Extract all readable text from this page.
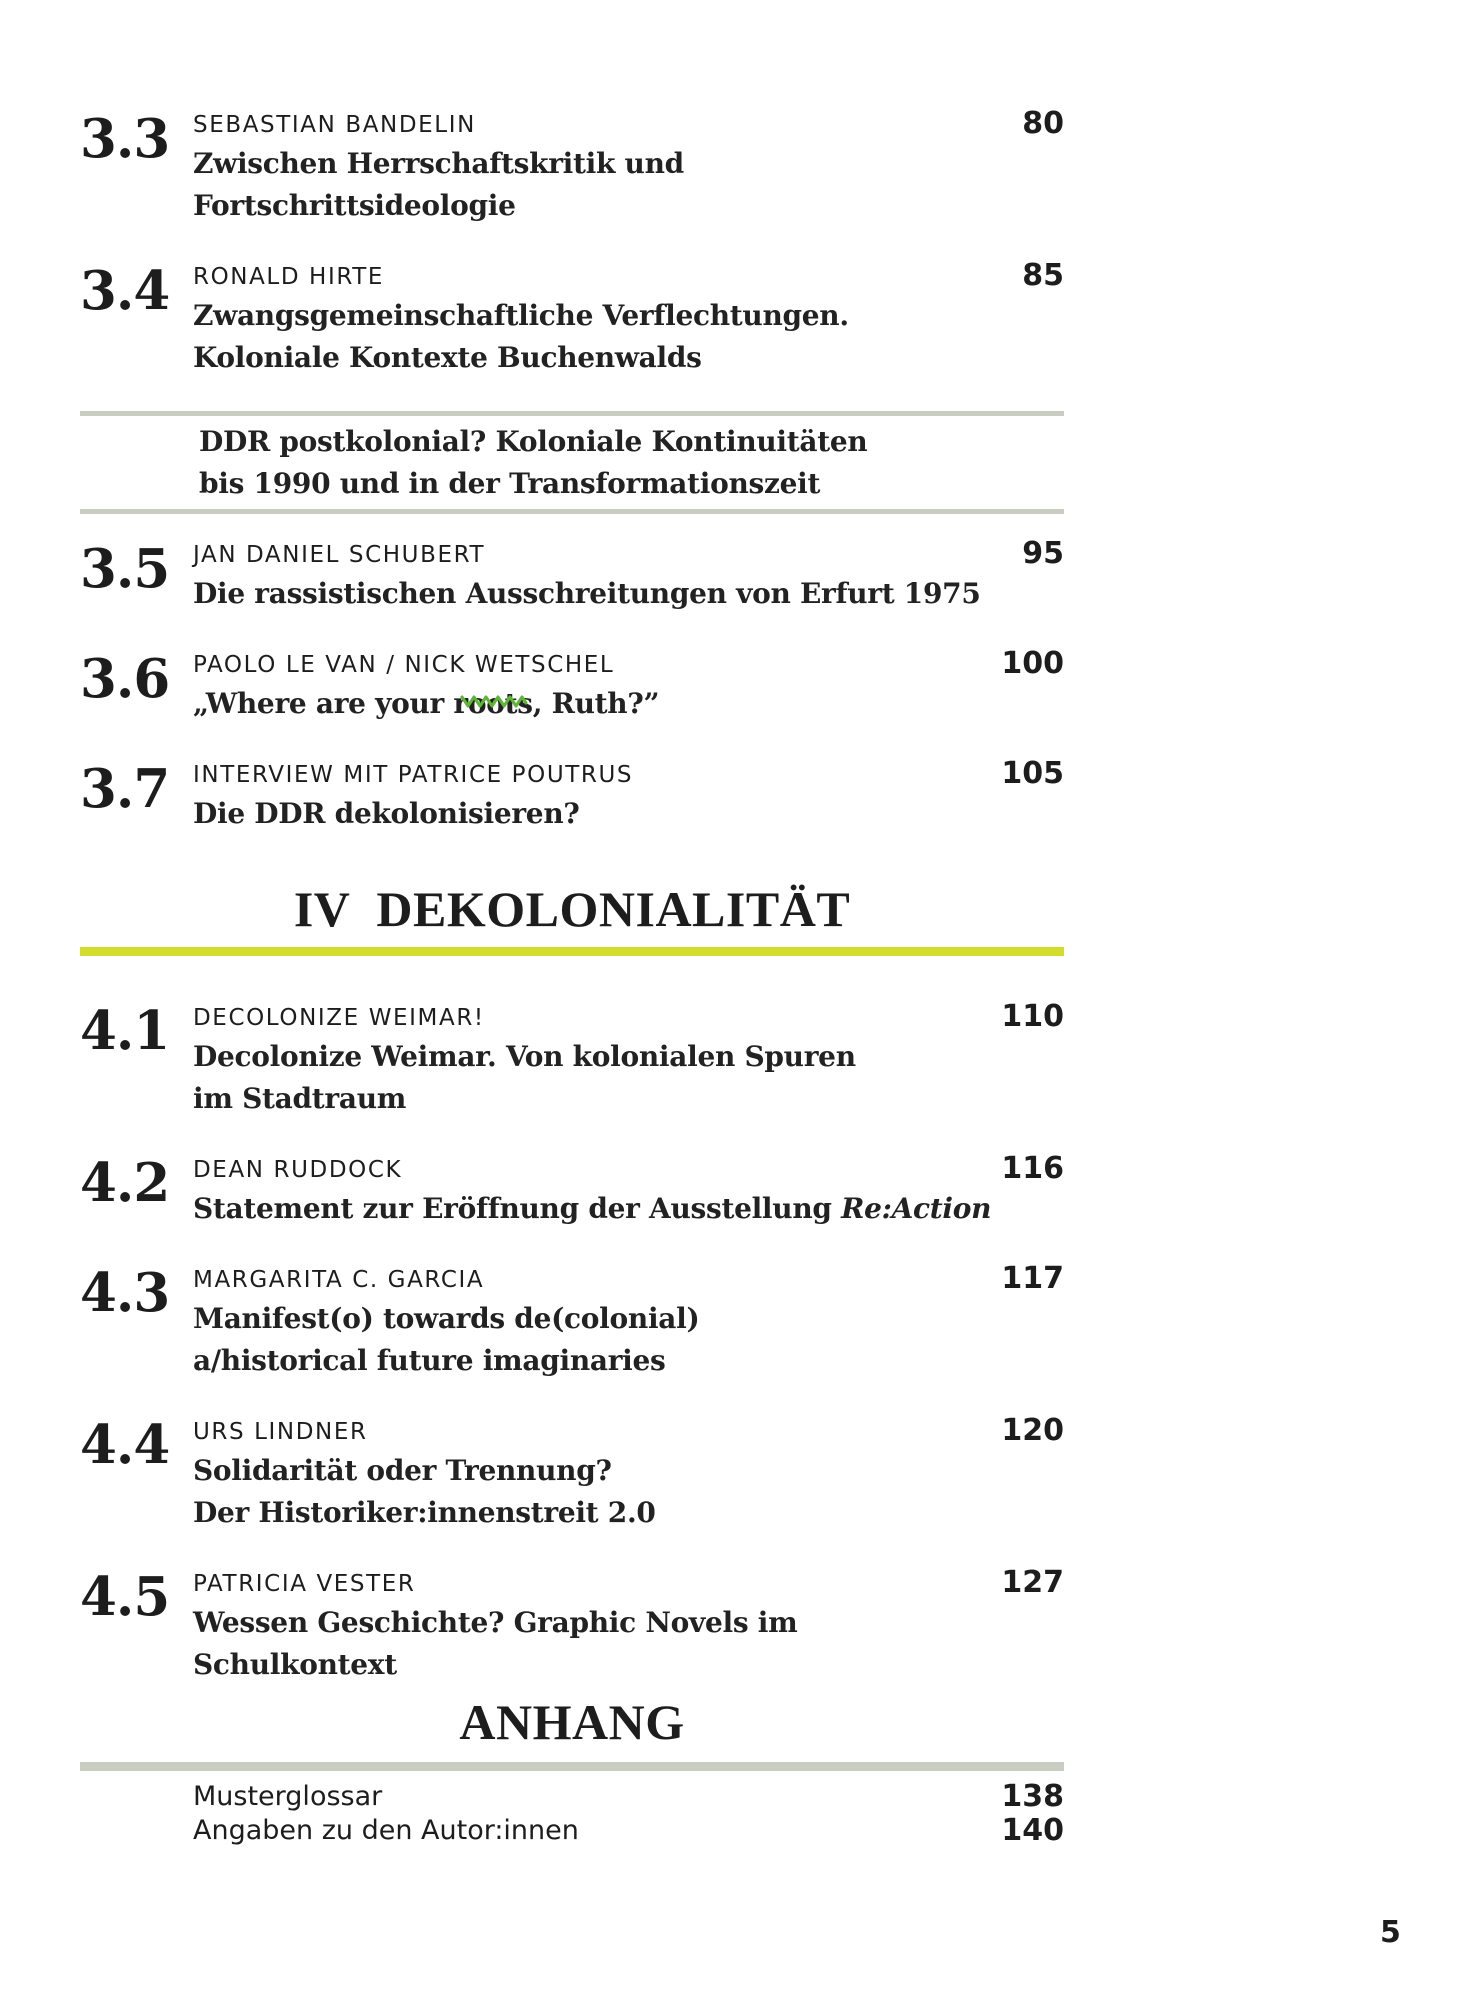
3.3 SEBASTIAN BANDELIN
Zwischen Herrschaftskritik und
Fortschrittsideologie
80
3.4 RONALD HIRTE
Zwangsgemeinschaftliche Verflechtungen.
Koloniale Kontexte Buchenwalds
85
DDR postkolonial? Koloniale Kontinuitäten
bis 1990 und in der Transformationszeit
3.5 JAN DANIEL SCHUBERT
Die rassistischen Ausschreitungen von Erfurt 1975
95
3.6 PAOLO LE VAN / NICK WETSCHEL
„Where are your root
s, Ruth?”
100
3.7 INTERVIEW MIT PATRICE POUTRUS
Die DDR dekolonisieren?
105
IV DEKOLONIALITÄT
4.1 DECOLONIZE WEIMAR!
Decolonize Weimar. Von kolonialen Spuren
im Stadtraum
110
4.2 DEAN RUDDOCK
Statement zur Eröffnung der Ausstellung Re:Action
116
4.3 MARGARITA C. GARCIA
Manifest(o) towards de(colonial)
a/historical future imaginaries
117
4.4 URS LINDNER
Solidarität oder Trennung?
Der Historiker:innenstreit 2.0
120
4.5 PATRICIA VESTER
Wessen Geschichte? Graphic Novels im Schulkontext
127
ANHANG
Musterglossar	138
Angaben zu den Autor:innen	140
5
